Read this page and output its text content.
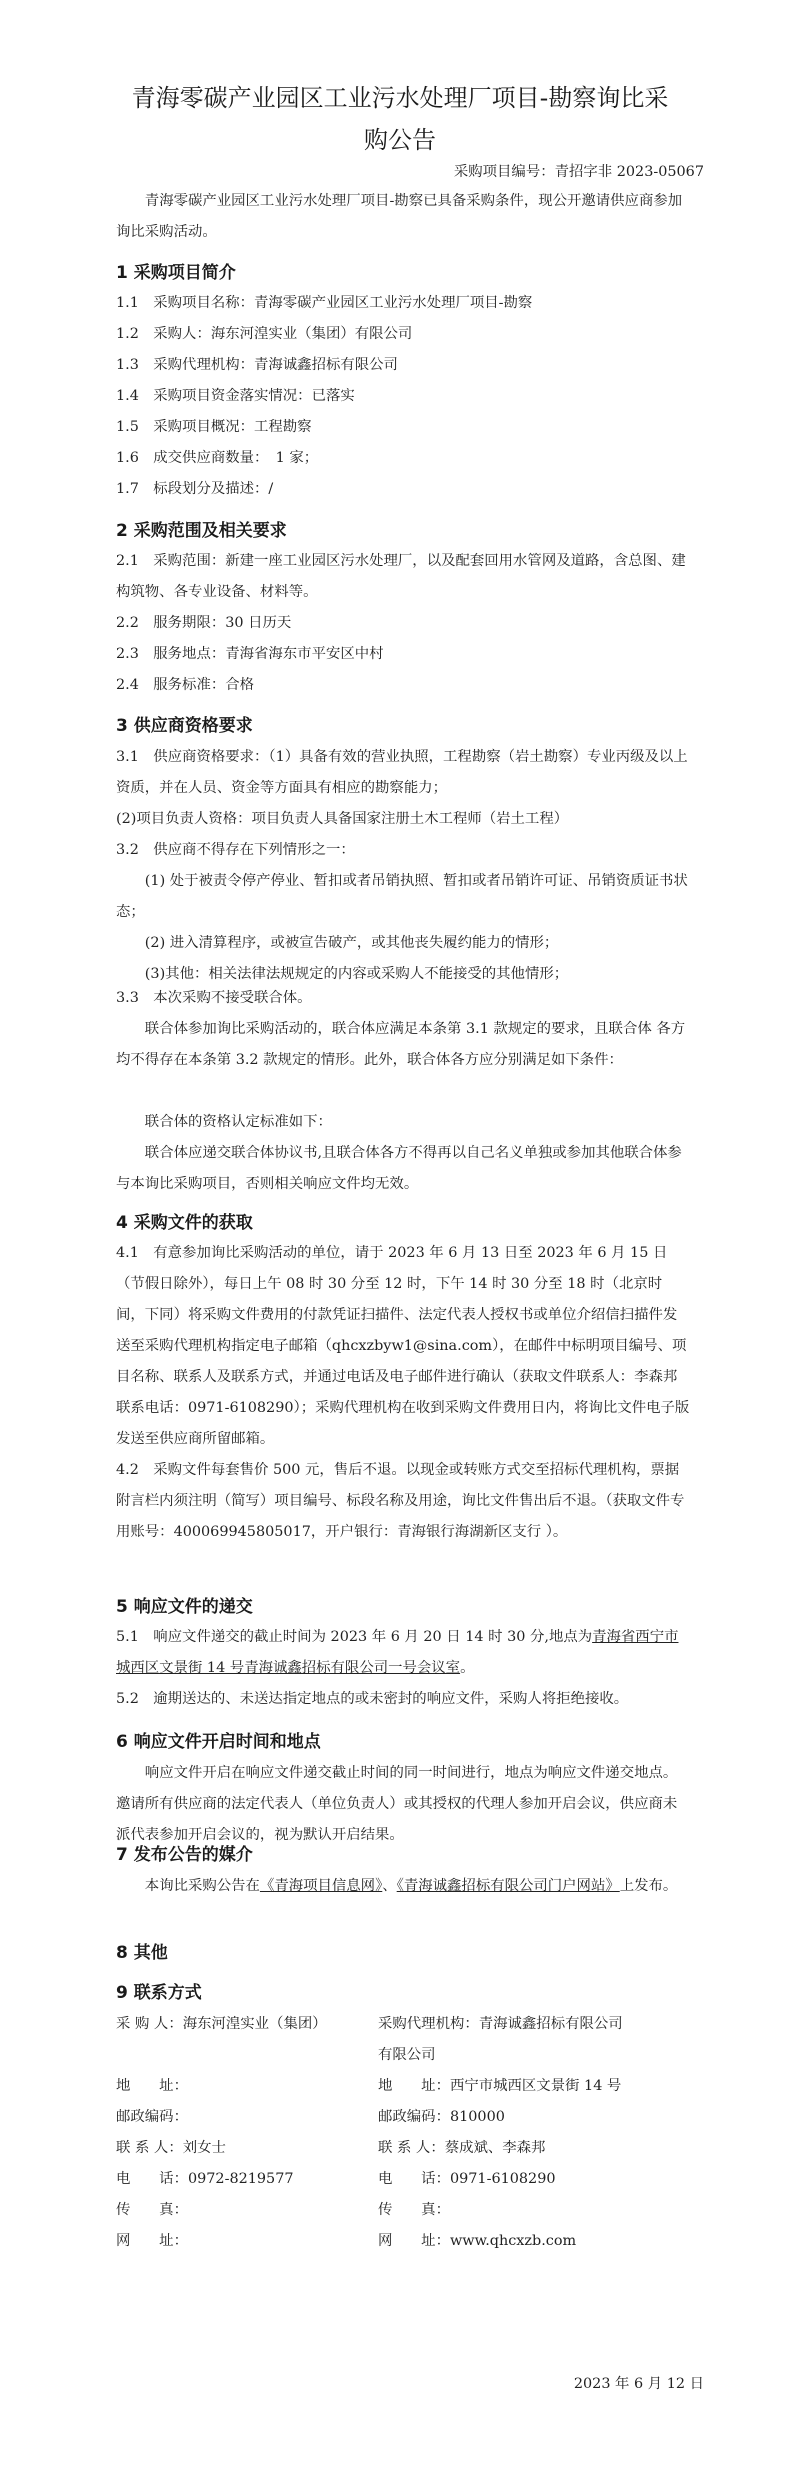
青海零碳产业园区工业污水处理厂项目-勘察询比采
购公告
采购项目编号：青招字非 2023-05067
青海零碳产业园区工业污水处理厂项目-勘察已具备采购条件，现公开邀请供应商参加询比采购活动。
1 采购项目简介
1.1　采购项目名称：青海零碳产业园区工业污水处理厂项目-勘察
1.2　采购人：海东河湟实业（集团）有限公司
1.3　采购代理机构：青海诚鑫招标有限公司
1.4　采购项目资金落实情况：已落实
1.5　采购项目概况：工程勘察
1.6　成交供应商数量：　1 家；
1.7　标段划分及描述：/
2 采购范围及相关要求
2.1　采购范围：新建一座工业园区污水处理厂，以及配套回用水管网及道路，含总图、建构筑物、各专业设备、材料等。
2.2　服务期限：30 日历天
2.3　服务地点：青海省海东市平安区中村
2.4　服务标准：合格
3 供应商资格要求
3.1　供应商资格要求：（1）具备有效的营业执照，工程勘察（岩土勘察）专业丙级及以上资质，并在人员、资金等方面具有相应的勘察能力；
(2)项目负责人资格：项目负责人具备国家注册土木工程师（岩土工程）
3.2　供应商不得存在下列情形之一：
(1) 处于被责令停产停业、暂扣或者吊销执照、暂扣或者吊销许可证、吊销资质证书状态；
(2) 进入清算程序，或被宣告破产，或其他丧失履约能力的情形；
(3)其他：相关法律法规规定的内容或采购人不能接受的其他情形；
3.3　本次采购不接受联合体。
联合体参加询比采购活动的，联合体应满足本条第 3.1 款规定的要求，且联合体 各方均不得存在本条第 3.2 款规定的情形。此外，联合体各方应分别满足如下条件：
联合体的资格认定标准如下：
联合体应递交联合体协议书,且联合体各方不得再以自己名义单独或参加其他联合体参与本询比采购项目，否则相关响应文件均无效。
4 采购文件的获取
4.1　有意参加询比采购活动的单位，请于 2023 年 6 月 13 日至 2023 年 6 月 15 日（节假日除外），每日上午 08 时 30 分至 12 时，下午 14 时 30 分至 18 时（北京时间，下同）将采购文件费用的付款凭证扫描件、法定代表人授权书或单位介绍信扫描件发送至采购代理机构指定电子邮箱（qhcxzbyw1@sina.com），在邮件中标明项目编号、项目名称、联系人及联系方式，并通过电话及电子邮件进行确认（获取文件联系人：李森邦　联系电话：0971-6108290）；采购代理机构在收到采购文件费用日内，将询比文件电子版发送至供应商所留邮箱。
4.2　采购文件每套售价 500 元，售后不退。以现金或转账方式交至招标代理机构，票据附言栏内须注明（简写）项目编号、标段名称及用途，询比文件售出后不退。（获取文件专用账号：400069945805017，开户银行：青海银行海湖新区支行 ）。
5 响应文件的递交
5.1　响应文件递交的截止时间为 2023 年 6 月 20 日 14 时 30 分,地点为青海省西宁市城西区文景街 14 号青海诚鑫招标有限公司一号会议室。
5.2　逾期送达的、未送达指定地点的或未密封的响应文件，采购人将拒绝接收。
6 响应文件开启时间和地点
响应文件开启在响应文件递交截止时间的同一时间进行，地点为响应文件递交地点。邀请所有供应商的法定代表人（单位负责人）或其授权的代理人参加开启会议，供应商未派代表参加开启会议的，视为默认开启结果。
7 发布公告的媒介
本询比采购公告在《青海项目信息网》、《青海诚鑫招标有限公司门户网站》上发布。
8 其他
9 联系方式
采 购 人：海东河湟实业（集团）	采购代理机构：青海诚鑫招标有限公司
有限公司
地　　址：	地　　址：西宁市城西区文景街 14 号
邮政编码：	邮政编码：810000
联 系 人：刘女士	联 系 人：蔡成斌、李森邦
电　　话：0972-8219577	电　　话：0971-6108290
传　　真：	传　　真：
网　　址：	网　　址：www.qhcxzb.com
2023 年 6 月 12 日
